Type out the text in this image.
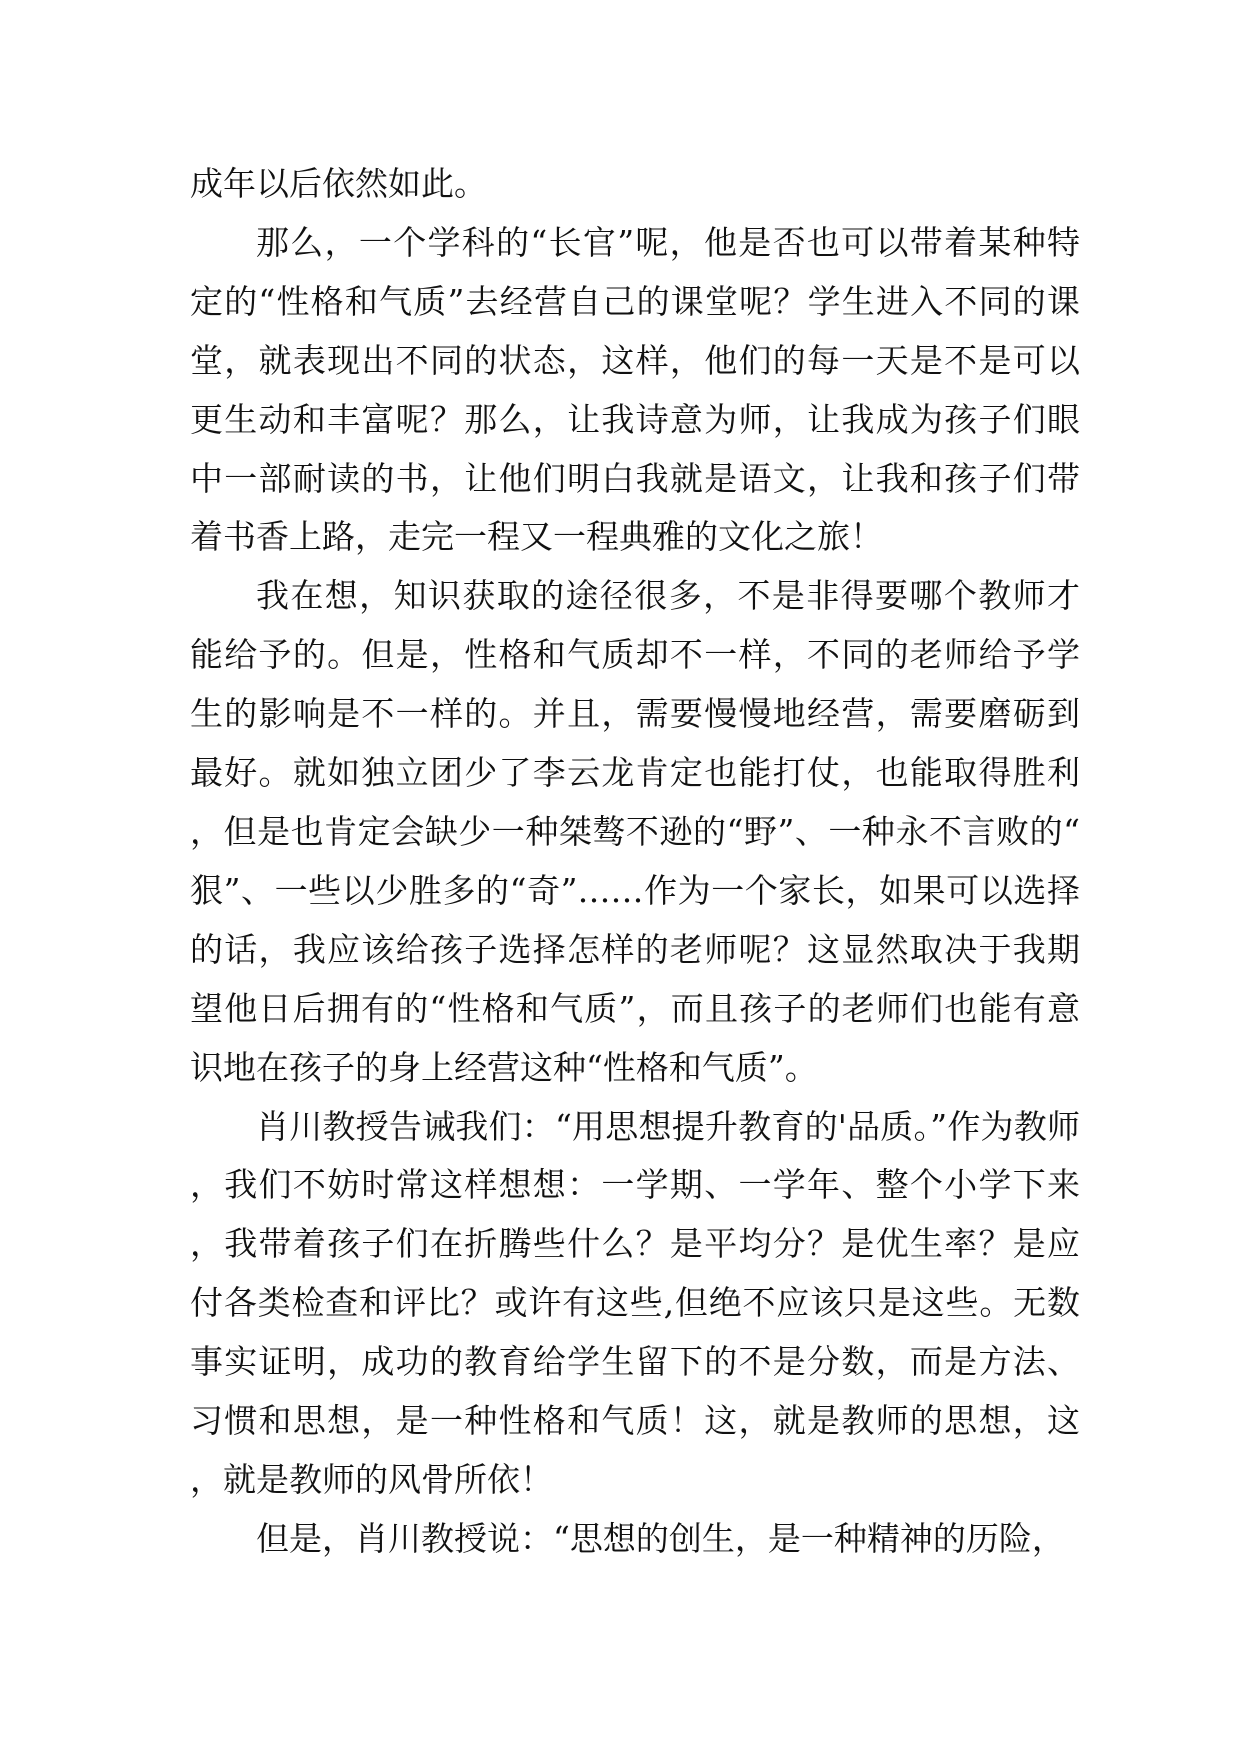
成年以后依然如此。

那么，一个学科的“长官”呢，他是否也可以带着某种特定的“性格和气质”去经营自己的课堂呢？学生进入不同的课堂，就表现出不同的状态，这样，他们的每一天是不是可以更生动和丰富呢？那么，让我诗意为师，让我成为孩子们眼中一部耐读的书，让他们明白我就是语文，让我和孩子们带着书香上路，走完一程又一程典雅的文化之旅！

我在想，知识获取的途径很多，不是非得要哪个教师才能给予的。但是，性格和气质却不一样，不同的老师给予学生的影响是不一样的。并且，需要慢慢地经营，需要磨砺到最好。就如独立团少了李云龙肯定也能打仗，也能取得胜利，但是也肯定会缺少一种桀骜不逊的“野”、一种永不言败的“狠”、一些以少胜多的“奇”……作为一个家长，如果可以选择的话，我应该给孩子选择怎样的老师呢？这显然取决于我期望他日后拥有的“性格和气质”，而且孩子的老师们也能有意识地在孩子的身上经营这种“性格和气质”。

肖川教授告诫我们：“用思想提升教育的'品质。”作为教师，我们不妨时常这样想想：一学期、一学年、整个小学下来，我带着孩子们在折腾些什么？是平均分？是优生率？是应付各类检查和评比？或许有这些,但绝不应该只是这些。无数事实证明，成功的教育给学生留下的不是分数，而是方法、习惯和思想，是一种性格和气质！这，就是教师的思想，这，就是教师的风骨所依！

但是，肖川教授说：“思想的创生，是一种精神的历险，
